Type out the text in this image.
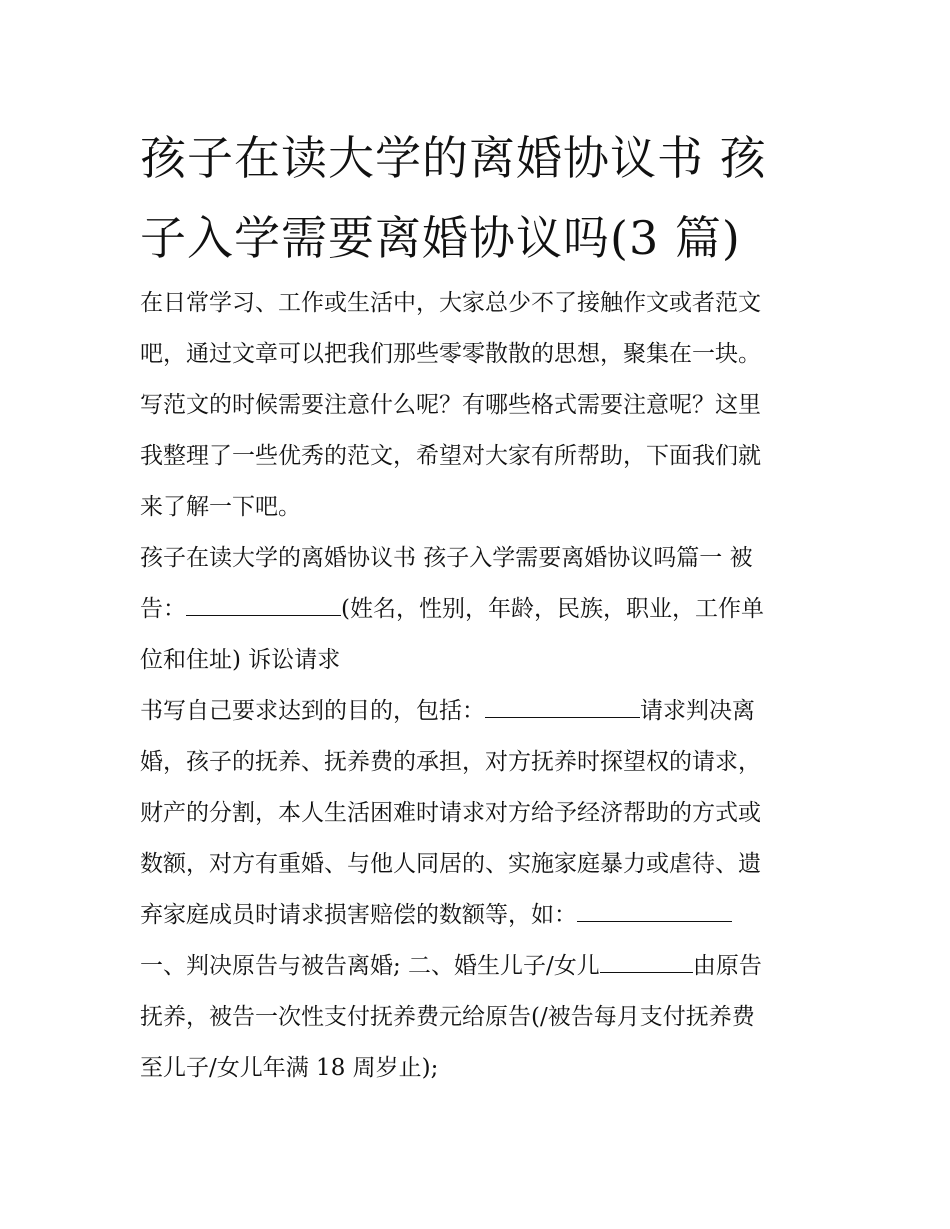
孩子在读大学的离婚协议书 孩
子入学需要离婚协议吗(3 篇)
在日常学习、工作或生活中，大家总少不了接触作文或者范文
吧，通过文章可以把我们那些零零散散的思想，聚集在一块。
写范文的时候需要注意什么呢？有哪些格式需要注意呢？这里
我整理了一些优秀的范文，希望对大家有所帮助，下面我们就
来了解一下吧。
孩子在读大学的离婚协议书 孩子入学需要离婚协议吗篇一 被
告：	(姓名，性别，年龄，民族，职业，工作单
位和住址) 诉讼请求
书写自己要求达到的目的，包括：	请求判决离
婚，孩子的抚养、抚养费的承担，对方抚养时探望权的请求，
财产的分割，本人生活困难时请求对方给予经济帮助的方式或
数额，对方有重婚、与他人同居的、实施家庭暴力或虐待、遗
弃家庭成员时请求损害赔偿的数额等，如：
一、判决原告与被告离婚; 二、婚生儿子/女儿	由原告
抚养，被告一次性支付抚养费元给原告(/被告每月支付抚养费
至儿子/女儿年满 18 周岁止);
